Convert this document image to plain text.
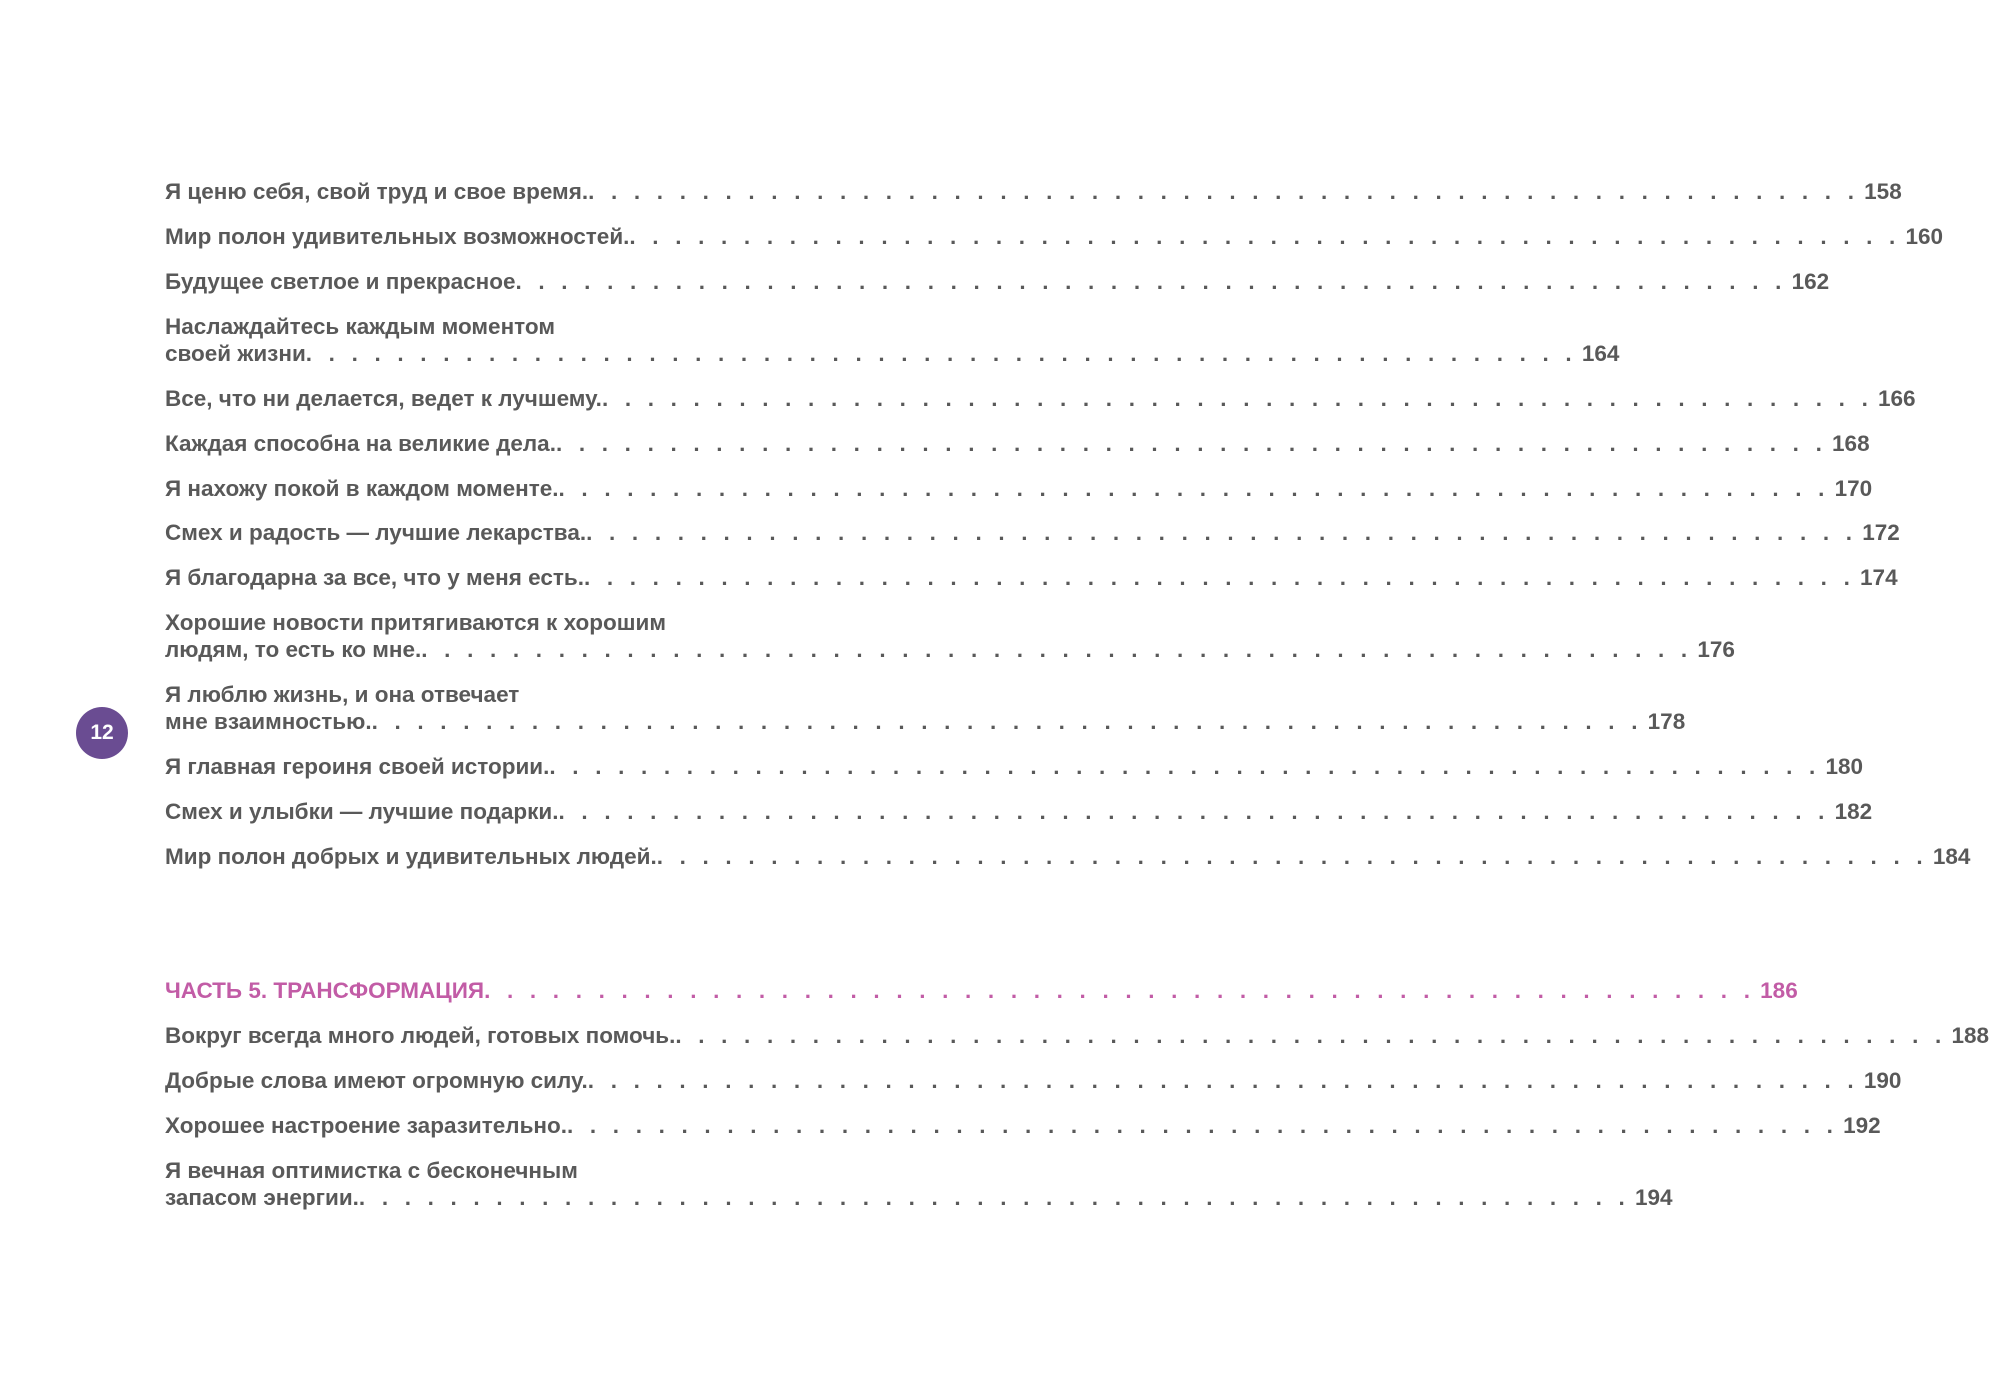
Я ценю себя, свой труд и свое время. . . . . . . . . . . . . . . . . . . . . . . . . . . . . . . . . . . . . . . . . . . . . . . . . . . . . . . . . 158
Мир полон удивительных возможностей. . . . . . . . . . . . . . . . . . . . . . . . . . . . . . . . . . . . . . . . . . . . . . . . . . . . . . . . . 160
Будущее светлое и прекрасное . . . . . . . . . . . . . . . . . . . . . . . . . . . . . . . . . . . . . . . . . . . . . . . . . . . . . . . . 162
Наслаждайтесь каждым моментом
своей жизни . . . . . . . . . . . . . . . . . . . . . . . . . . . . . . . . . . . . . . . . . . . . . . . . . . . . . . . . 164
Все, что ни делается, ведет к лучшему. . . . . . . . . . . . . . . . . . . . . . . . . . . . . . . . . . . . . . . . . . . . . . . . . . . . . . . . . 166
Каждая способна на великие дела. . . . . . . . . . . . . . . . . . . . . . . . . . . . . . . . . . . . . . . . . . . . . . . . . . . . . . . . . 168
Я нахожу покой в каждом моменте. . . . . . . . . . . . . . . . . . . . . . . . . . . . . . . . . . . . . . . . . . . . . . . . . . . . . . . . . 170
Смех и радость — лучшие лекарства. . . . . . . . . . . . . . . . . . . . . . . . . . . . . . . . . . . . . . . . . . . . . . . . . . . . . . . . . 172
Я благодарна за все, что у меня есть. . . . . . . . . . . . . . . . . . . . . . . . . . . . . . . . . . . . . . . . . . . . . . . . . . . . . . . . . 174
Хорошие новости притягиваются к хорошим
людям, то есть ко мне. . . . . . . . . . . . . . . . . . . . . . . . . . . . . . . . . . . . . . . . . . . . . . . . . . . . . . . . . 176
Я люблю жизнь, и она отвечает
мне взаимностью. . . . . . . . . . . . . . . . . . . . . . . . . . . . . . . . . . . . . . . . . . . . . . . . . . . . . . . . . 178
Я главная героиня своей истории. . . . . . . . . . . . . . . . . . . . . . . . . . . . . . . . . . . . . . . . . . . . . . . . . . . . . . . . . 180
Смех и улыбки — лучшие подарки. . . . . . . . . . . . . . . . . . . . . . . . . . . . . . . . . . . . . . . . . . . . . . . . . . . . . . . . . 182
Мир полон добрых и удивительных людей. . . . . . . . . . . . . . . . . . . . . . . . . . . . . . . . . . . . . . . . . . . . . . . . . . . . . . . . . 184
ЧАСТЬ 5. ТРАНСФОРМАЦИЯ . . . . . . . . . . . . . . . . . . . . . . . . . . . . . . . . . . . . . . . . . . . . . . . . . . . . . . . . 186
Вокруг всегда много людей, готовых помочь. . . . . . . . . . . . . . . . . . . . . . . . . . . . . . . . . . . . . . . . . . . . . . . . . . . . . . . . . 188
Добрые слова имеют огромную силу. . . . . . . . . . . . . . . . . . . . . . . . . . . . . . . . . . . . . . . . . . . . . . . . . . . . . . . . . 190
Хорошее настроение заразительно. . . . . . . . . . . . . . . . . . . . . . . . . . . . . . . . . . . . . . . . . . . . . . . . . . . . . . . . . 192
Я вечная оптимистка с бесконечным
запасом энергии. . . . . . . . . . . . . . . . . . . . . . . . . . . . . . . . . . . . . . . . . . . . . . . . . . . . . . . . . 194
12
